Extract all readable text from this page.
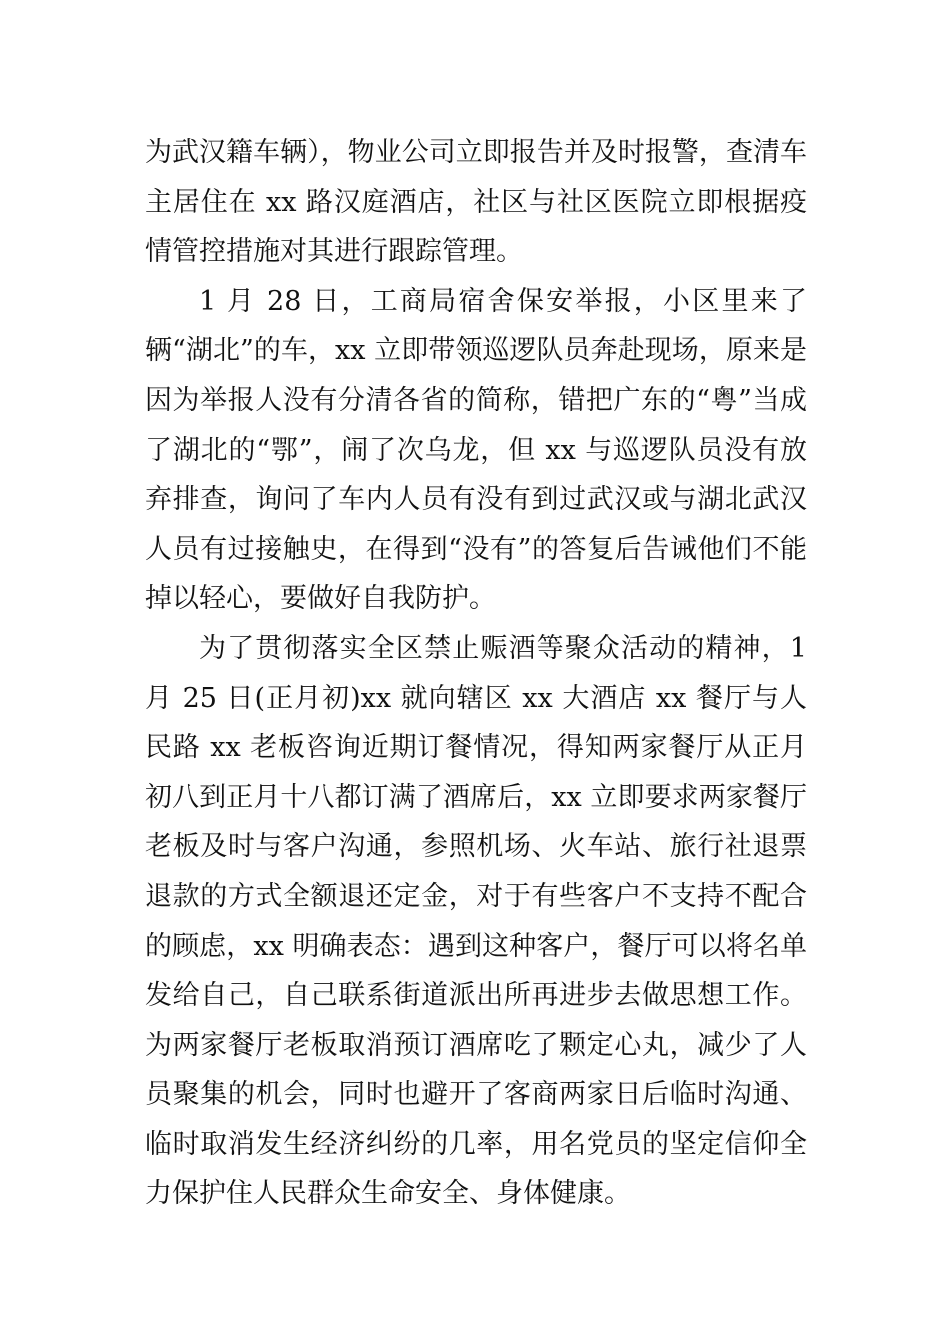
为武汉籍车辆），物业公司立即报告并及时报警，查清车主居住在 xx 路汉庭酒店，社区与社区医院立即根据疫情管控措施对其进行跟踪管理。

1 月 28 日，工商局宿舍保安举报，小区里来了辆“湖北”的车，xx 立即带领巡逻队员奔赴现场，原来是因为举报人没有分清各省的简称，错把广东的“粤”当成了湖北的“鄂”，闹了次乌龙，但 xx 与巡逻队员没有放弃排查，询问了车内人员有没有到过武汉或与湖北武汉人员有过接触史，在得到“没有”的答复后告诫他们不能掉以轻心，要做好自我防护。

为了贯彻落实全区禁止赈酒等聚众活动的精神，1 月 25 日(正月初)xx 就向辖区 xx 大酒店 xx 餐厅与人民路 xx 老板咨询近期订餐情况，得知两家餐厅从正月初八到正月十八都订满了酒席后，xx 立即要求两家餐厅老板及时与客户沟通，参照机场、火车站、旅行社退票退款的方式全额退还定金，对于有些客户不支持不配合的顾虑，xx 明确表态：遇到这种客户，餐厅可以将名单发给自己，自己联系街道派出所再进步去做思想工作。为两家餐厅老板取消预订酒席吃了颗定心丸，减少了人员聚集的机会，同时也避开了客商两家日后临时沟通、临时取消发生经济纠纷的几率，用名党员的坚定信仰全力保护住人民群众生命安全、身体健康。
